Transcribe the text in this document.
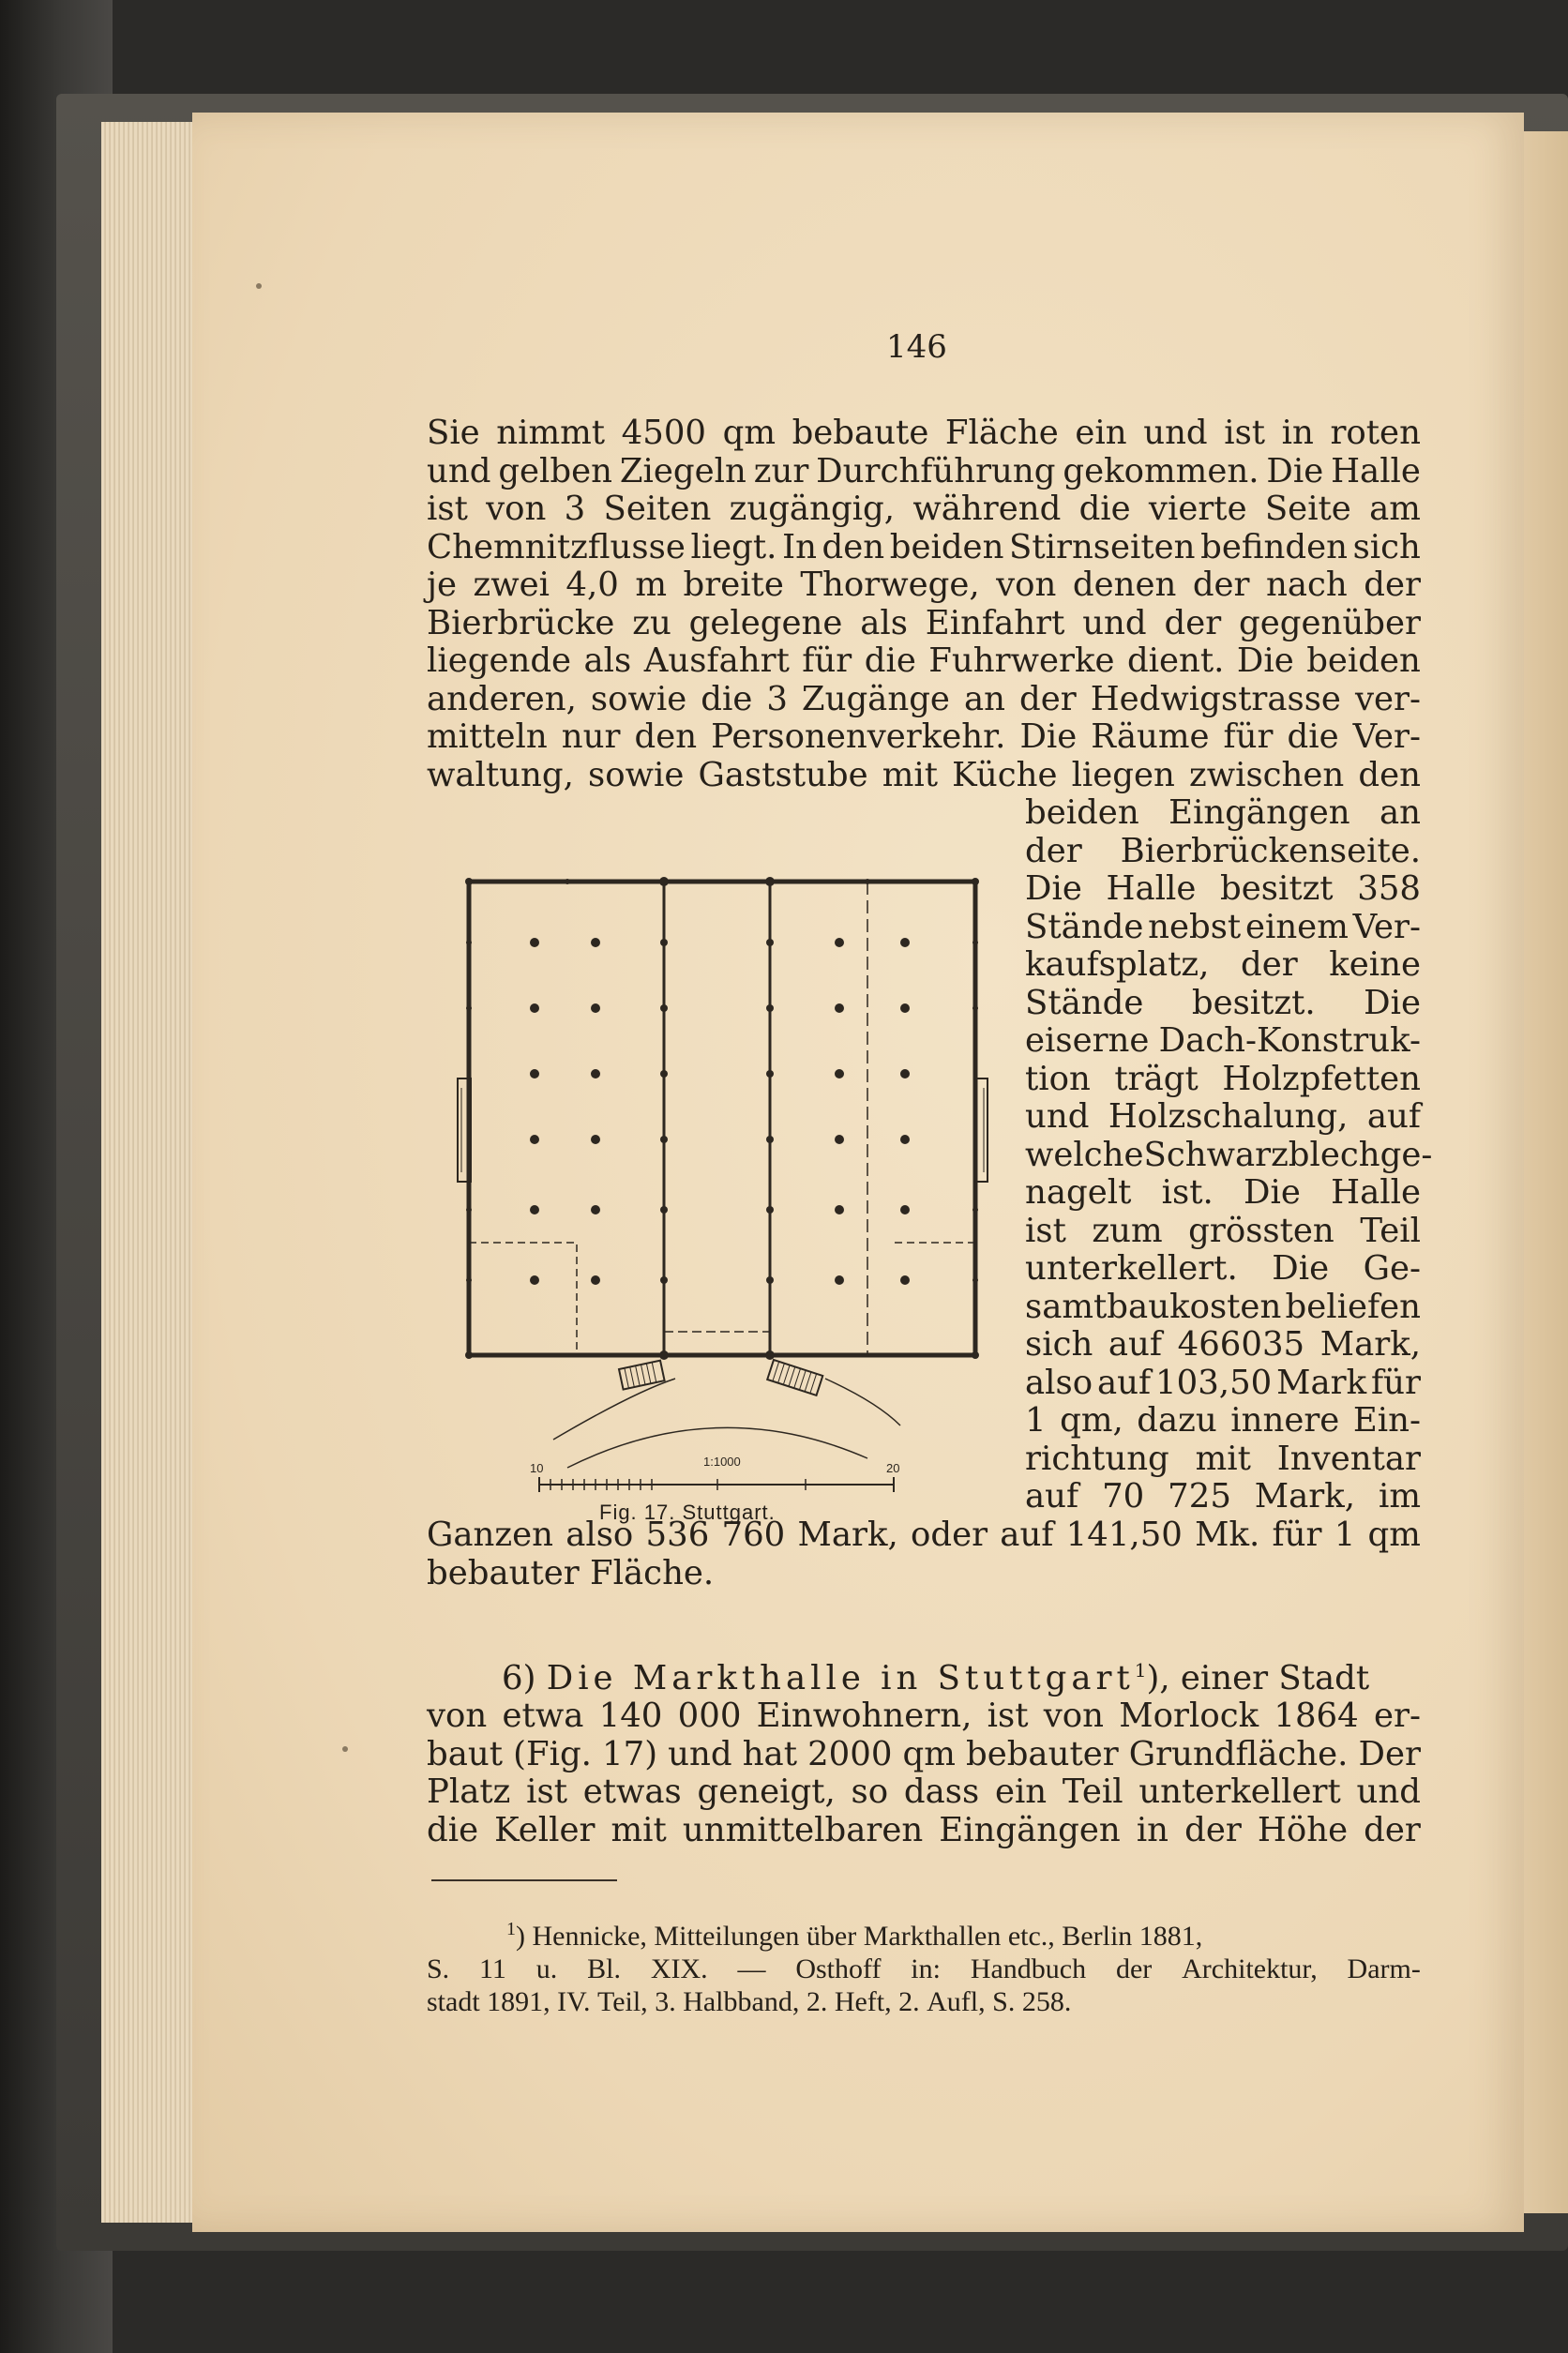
146
Sie nimmt 4500 qm bebaute Fläche ein und ist in roten
und gelben Ziegeln zur Durchführung gekommen. Die Halle
ist von 3 Seiten zugängig, während die vierte Seite am
Chemnitzflusse liegt. In den beiden Stirnseiten befinden sich
je zwei 4,0 m breite Thorwege, von denen der nach der
Bierbrücke zu gelegene als Einfahrt und der gegenüber
liegende als Ausfahrt für die Fuhrwerke dient. Die beiden
anderen, sowie die 3 Zugänge an der Hedwigstrasse ver-
mitteln nur den Personenverkehr. Die Räume für die Ver-
waltung, sowie Gaststube mit Küche liegen zwischen den
beiden Eingängen an
der Bierbrückenseite.
Die Halle besitzt 358
Stände nebst einem Ver-
kaufsplatz, der keine
Stände besitzt. Die
eiserne Dach-Konstruk-
tion trägt Holzpfetten
und Holzschalung, auf
welche Schwarzblech ge-
nagelt ist. Die Halle
ist zum grössten Teil
unterkellert. Die Ge-
samtbaukosten beliefen
sich auf 466035 Mark,
also auf 103,50 Mark für
1 qm, dazu innere Ein-
richtung mit Inventar
auf 70 725 Mark, im
Ganzen also 536 760 Mark, oder auf 141,50 Mk. für 1 qm
bebauter
Fläche.

6) Die Markthalle in Stuttgart$^1$), einer Stadt
von etwa 140 000 Einwohnern, ist von Morlock 1864 er-
baut (Fig. 17) und hat 2000 qm bebauter Grundfläche. Der
Platz ist etwas geneigt, so dass ein Teil unterkellert und
die Keller mit unmittelbaren Eingängen in der Höhe der
$^1$) Hennicke, Mitteilungen über Markthallen etc., Berlin 1881,
S. 11 u. Bl. XIX. — Osthoff in: Handbuch der Architektur, Darm-
stadt 1891, IV. Teil, 3. Halbband, 2. Heft, 2. Aufl, S. 258.
10	1:1000	20
Fig. 17. Stuttgart.
